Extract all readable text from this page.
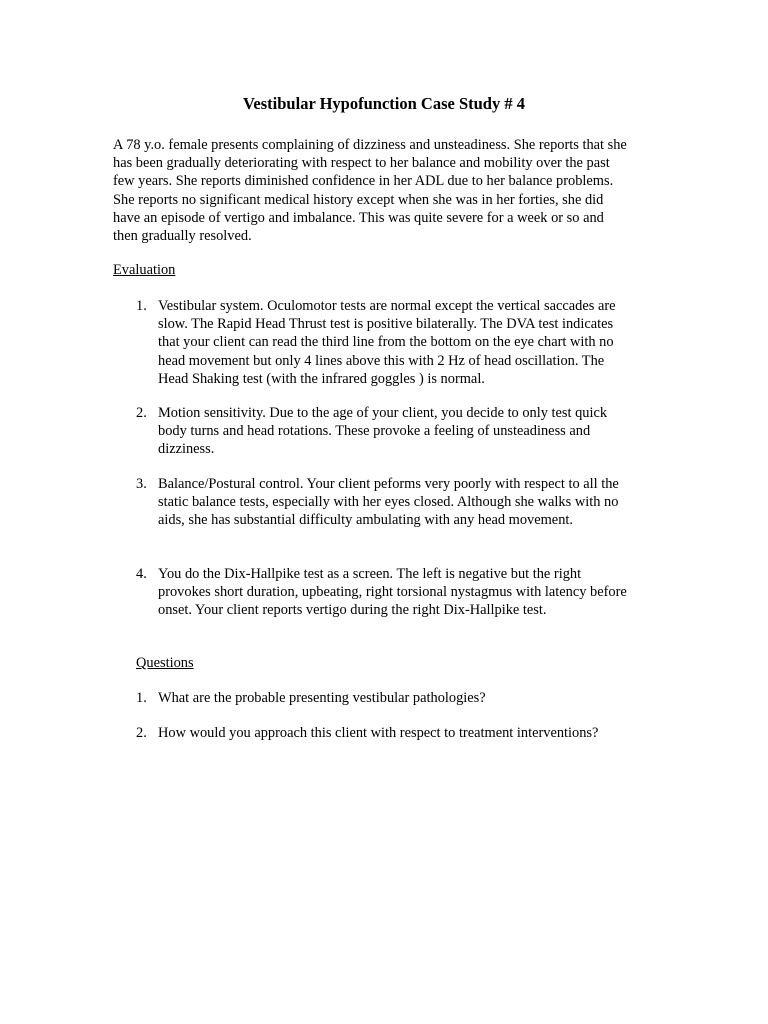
Vestibular Hypofunction Case Study # 4

A 78 y.o. female presents complaining of dizziness and unsteadiness. She reports that she
has been gradually deteriorating with respect to her balance and mobility over the past
few years. She reports diminished confidence in her ADL due to her balance problems.
She reports no significant medical history except when she was in her forties, she did
have an episode of vertigo and imbalance. This was quite severe for a week or so and
then gradually resolved.

Evaluation

1. Vestibular system. Oculomotor tests are normal except the vertical saccades are
slow. The Rapid Head Thrust test is positive bilaterally. The DVA test indicates
that your client can read the third line from the bottom on the eye chart with no
head movement but only 4 lines above this with 2 Hz of head oscillation. The
Head Shaking test (with the infrared goggles ) is normal.
2. Motion sensitivity. Due to the age of your client, you decide to only test quick
body turns and head rotations. These provoke a feeling of unsteadiness and
dizziness.
3. Balance/Postural control. Your client peforms very poorly with respect to all the
static balance tests, especially with her eyes closed. Although she walks with no
aids, she has substantial difficulty ambulating with any head movement.
4. You do the Dix-Hallpike test as a screen. The left is negative but the right
provokes short duration, upbeating, right torsional nystagmus with latency before
onset. Your client reports vertigo during the right Dix-Hallpike test.

Questions

1. What are the probable presenting vestibular pathologies?
2. How would you approach this client with respect to treatment interventions?
